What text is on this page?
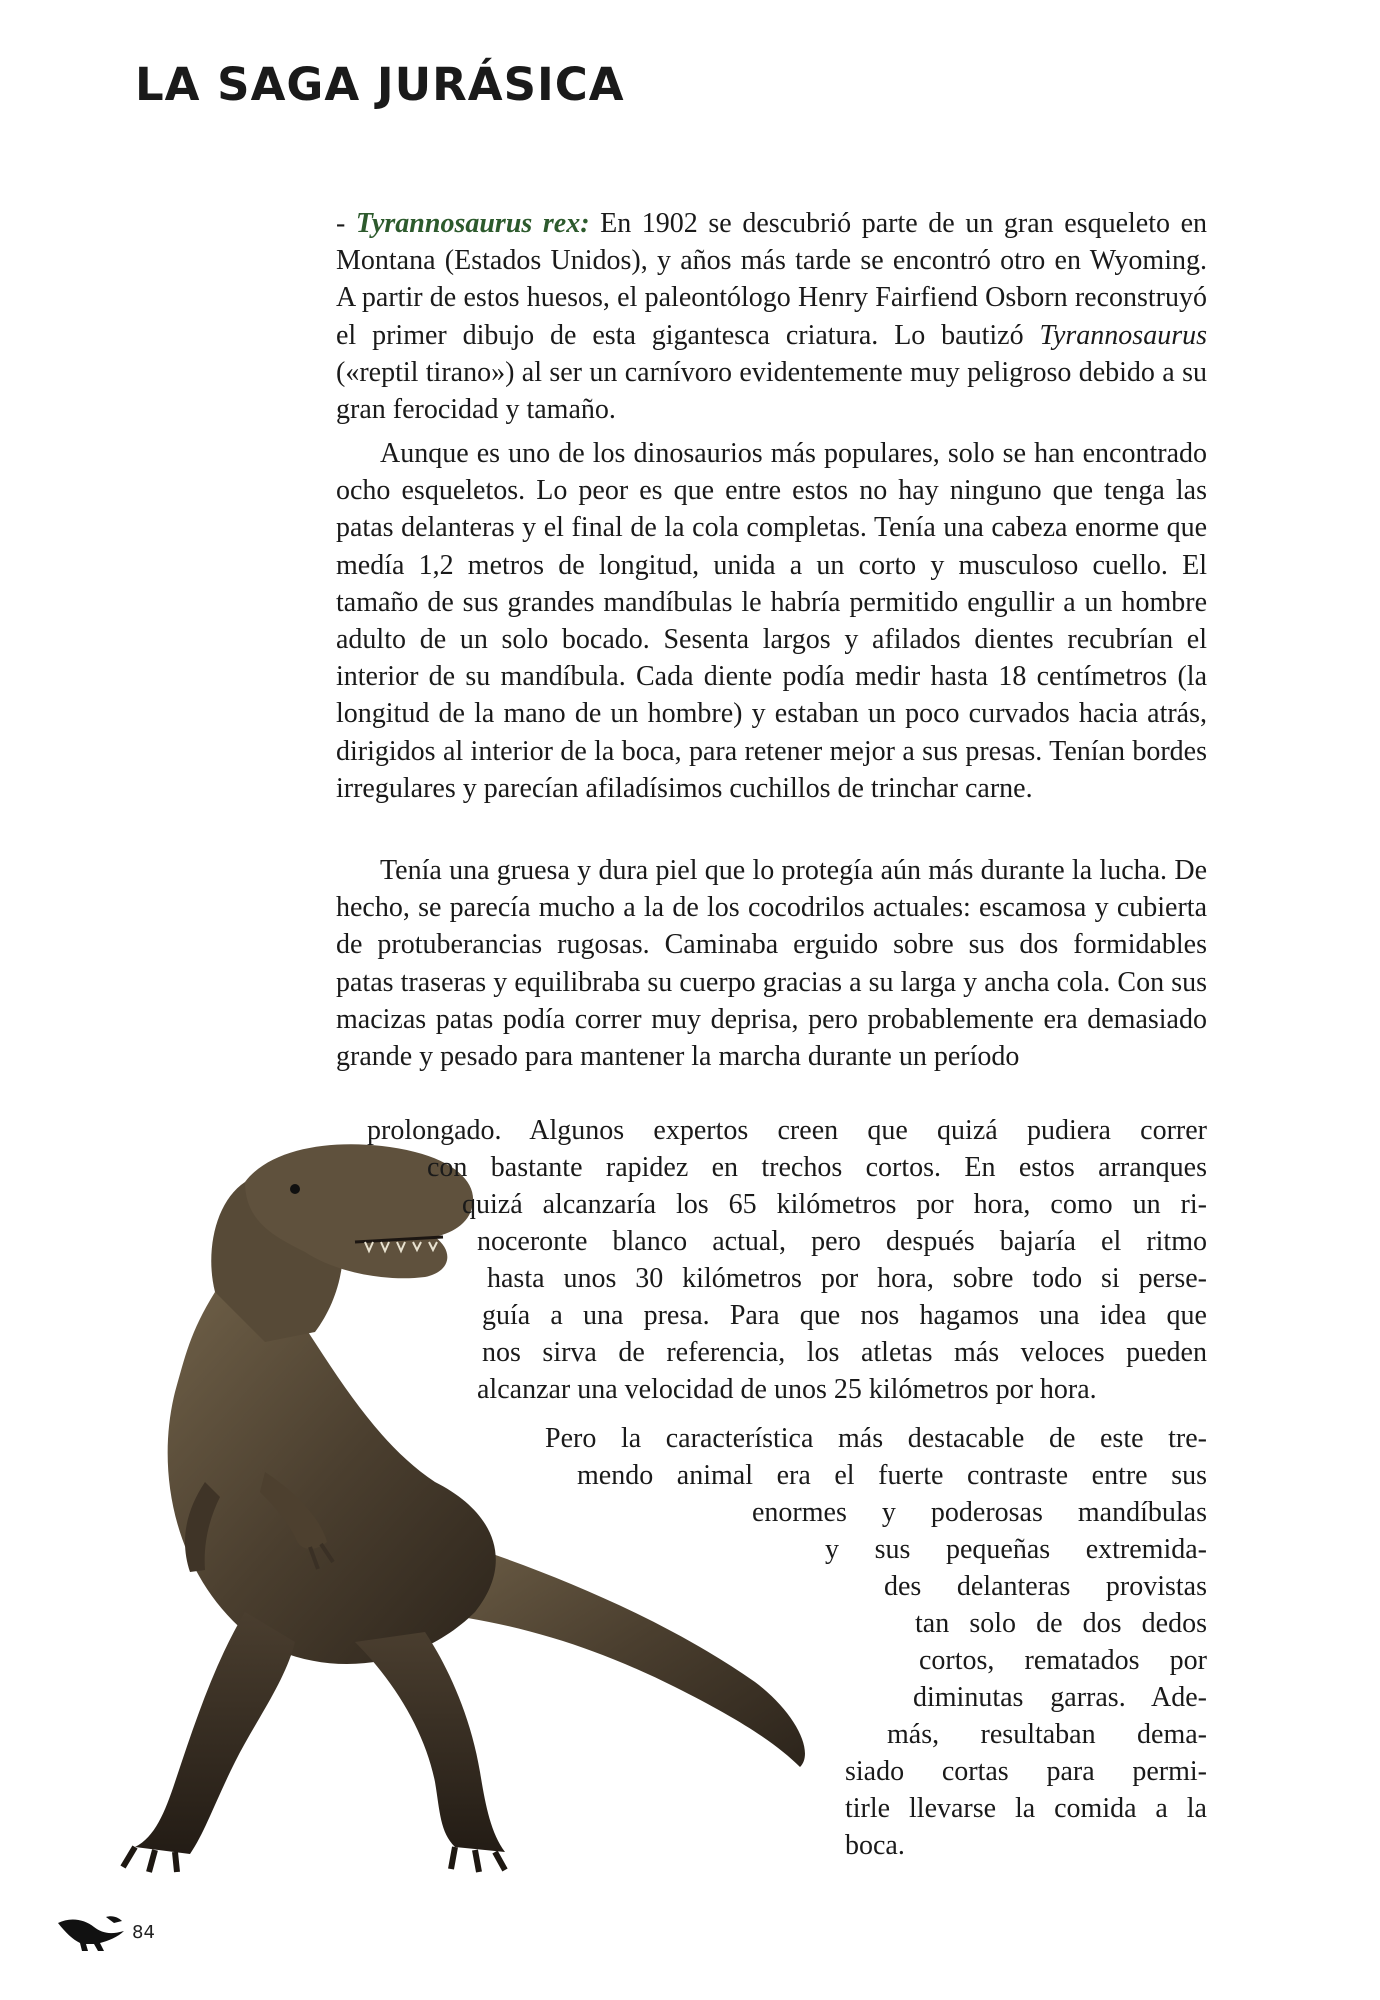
LA SAGA JURÁSICA

- Tyrannosaurus rex: En 1902 se descubrió parte de un gran esqueleto en Montana (Estados Unidos), y años más tarde se encontró otro en Wyoming. A partir de estos huesos, el paleontólogo Henry Fairfiend Osborn reconstruyó el primer dibujo de esta gigantesca criatura. Lo bautizó Tyrannosaurus («reptil tirano») al ser un carnívoro evidentemente muy peligroso debido a su gran ferocidad y tamaño.

Aunque es uno de los dinosaurios más populares, solo se han encontrado ocho esqueletos. Lo peor es que entre estos no hay ninguno que tenga las patas delanteras y el final de la cola completas. Tenía una cabeza enorme que medía 1,2 metros de longitud, unida a un corto y musculoso cuello. El tamaño de sus grandes mandíbulas le habría permitido engullir a un hombre adulto de un solo bocado. Sesenta largos y afilados dientes recubrían el interior de su mandíbula. Cada diente podía medir hasta 18 centímetros (la longitud de la mano de un hombre) y estaban un poco curvados hacia atrás, dirigidos al interior de la boca, para retener mejor a sus presas. Tenían bordes irregulares y parecían afiladísimos cuchillos de trinchar carne.

Tenía una gruesa y dura piel que lo protegía aún más durante la lucha. De hecho, se parecía mucho a la de los cocodrilos actuales: escamosa y cubierta de protuberancias rugosas. Caminaba erguido sobre sus dos formidables patas traseras y equilibraba su cuerpo gracias a su larga y ancha cola. Con sus macizas patas podía correr muy deprisa, pero probablemente era demasiado grande y pesado para mantener la marcha durante un período

prolongado. Algunos expertos creen que quizá pudiera correr
con bastante rapidez en trechos cortos. En estos arranques
quizá alcanzaría los 65 kilómetros por hora, como un ri-
noceronte blanco actual, pero después bajaría el ritmo
hasta unos 30 kilómetros por hora, sobre todo si perse-
guía a una presa. Para que nos hagamos una idea que
nos sirva de referencia, los atletas más veloces pueden
alcanzar una velocidad de unos 25 kilómetros por hora.
Pero la característica más destacable de este tre-
mendo animal era el fuerte contraste entre sus
enormes y poderosas mandíbulas
y sus pequeñas extremida-
des delanteras provistas
tan solo de dos dedos
cortos, rematados por
diminutas garras. Ade-
más, resultaban dema-
siado cortas para permi-
tirle llevarse la comida a la
boca.
84
